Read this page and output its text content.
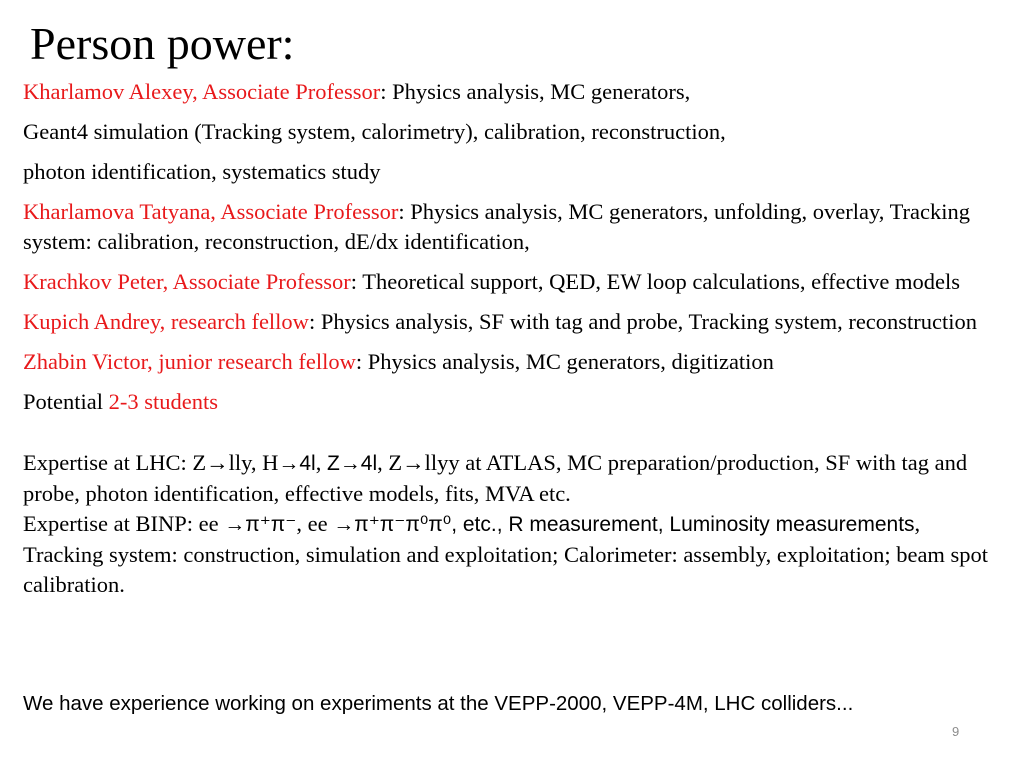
Person power:
Kharlamov Alexey, Associate Professor: Physics analysis, MC generators,
Geant4 simulation (Tracking system, calorimetry), calibration, reconstruction,
photon identification, systematics study
Kharlamova Tatyana, Associate Professor: Physics analysis, MC generators, unfolding, overlay, Tracking system: calibration, reconstruction, dE/dx identification,
Krachkov Peter, Associate Professor: Theoretical support, QED, EW loop calculations, effective models
Kupich Andrey, research fellow: Physics analysis, SF with tag and probe, Tracking system, reconstruction
Zhabin Victor, junior research fellow: Physics analysis, MC generators, digitization
Potential 2-3 students
Expertise at LHC: Z→lly, H→4l, Z→4l, Z→llyy at ATLAS, MC preparation/production, SF with tag and probe, photon identification, effective models, fits, MVA etc.
Expertise at BINP: ee →π⁺π⁻, ee →π⁺π⁻π⁰π⁰, etc., R measurement, Luminosity measurements, Tracking system: construction, simulation and exploitation; Calorimeter: assembly, exploitation; beam spot calibration.
We have experience working on experiments at the VEPP-2000, VEPP-4M, LHC colliders...
9
